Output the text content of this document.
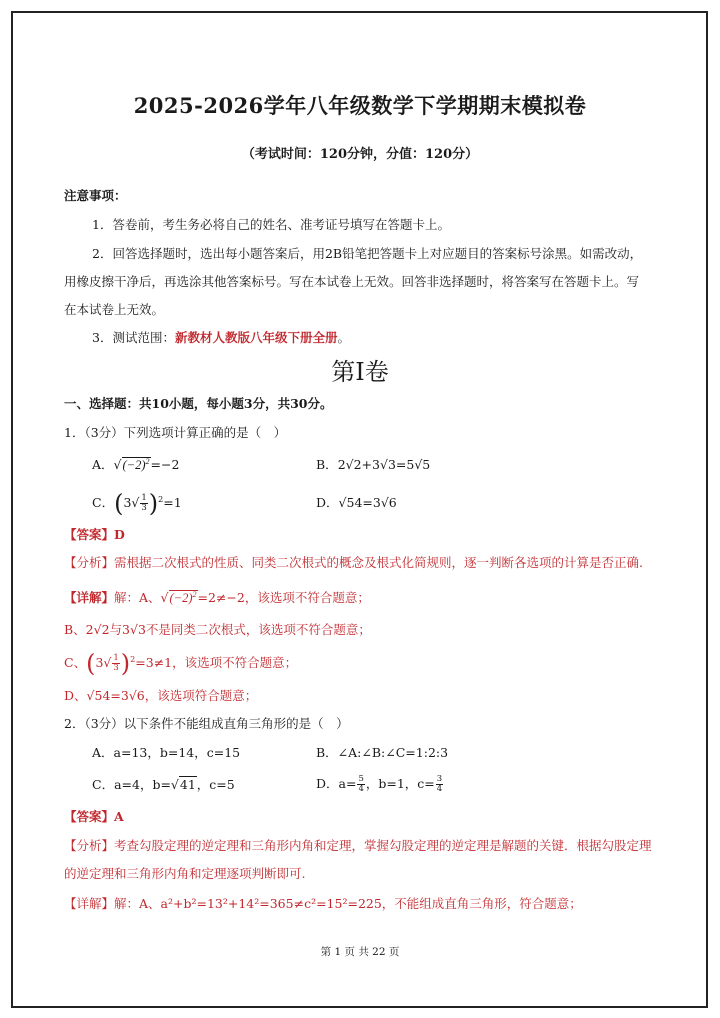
2025-2026学年八年级数学下学期期末模拟卷
（考试时间：120分钟，分值：120分）
注意事项：
1．答卷前，考生务必将自己的姓名、准考证号填写在答题卡上。
2．回答选择题时，选出每小题答案后，用2B铅笔把答题卡上对应题目的答案标号涂黑。如需改动，
用橡皮擦干净后，再选涂其他答案标号。写在本试卷上无效。回答非选择题时，将答案写在答题卡上。写
在本试卷上无效。
3．测试范围：新教材人教版八年级下册全册。
第Ⅰ卷
一、选择题：共10小题，每小题3分，共30分。
1．（3分）下列选项计算正确的是（　）
A．√ $(-2)^2=-2$	B．2√2+3√3=5√5
C．$(3√ \frac{1}{3} )^2=1$	D．√54=3√6
【答案】D
【分析】需根据二次根式的性质、同类二次根式的概念及根式化简规则，逐一判断各选项的计算是否正确.
【详解】解：A、√ $(-2)^2=2\ne-2$，该选项不符合题意；
B、2√2与3√3不是同类二次根式，该选项不符合题意；
C、$(3√ \frac{1}{3} )^2=3\ne 1$，该选项不符合题意；
D、√54=3√6，该选项符合题意；
2．（3分）以下条件不能组成直角三角形的是（　）
A．a=13，b=14，c=15	B．∠A:∠B:∠C=1:2:3
C．a=4，b=√ 41，c=5	D．$a= \frac{5}{4}$ ，b=1，$c= \frac{3}{4}$
【答案】A
【分析】考查勾股定理的逆定理和三角形内角和定理，掌握勾股定理的逆定理是解题的关键．根据勾股定理
的逆定理和三角形内角和定理逐项判断即可.
【详解】解：A、a²+b²=13²+14²=365≠c²=15²=225，不能组成直角三角形，符合题意；
第 1 页 共 22 页
